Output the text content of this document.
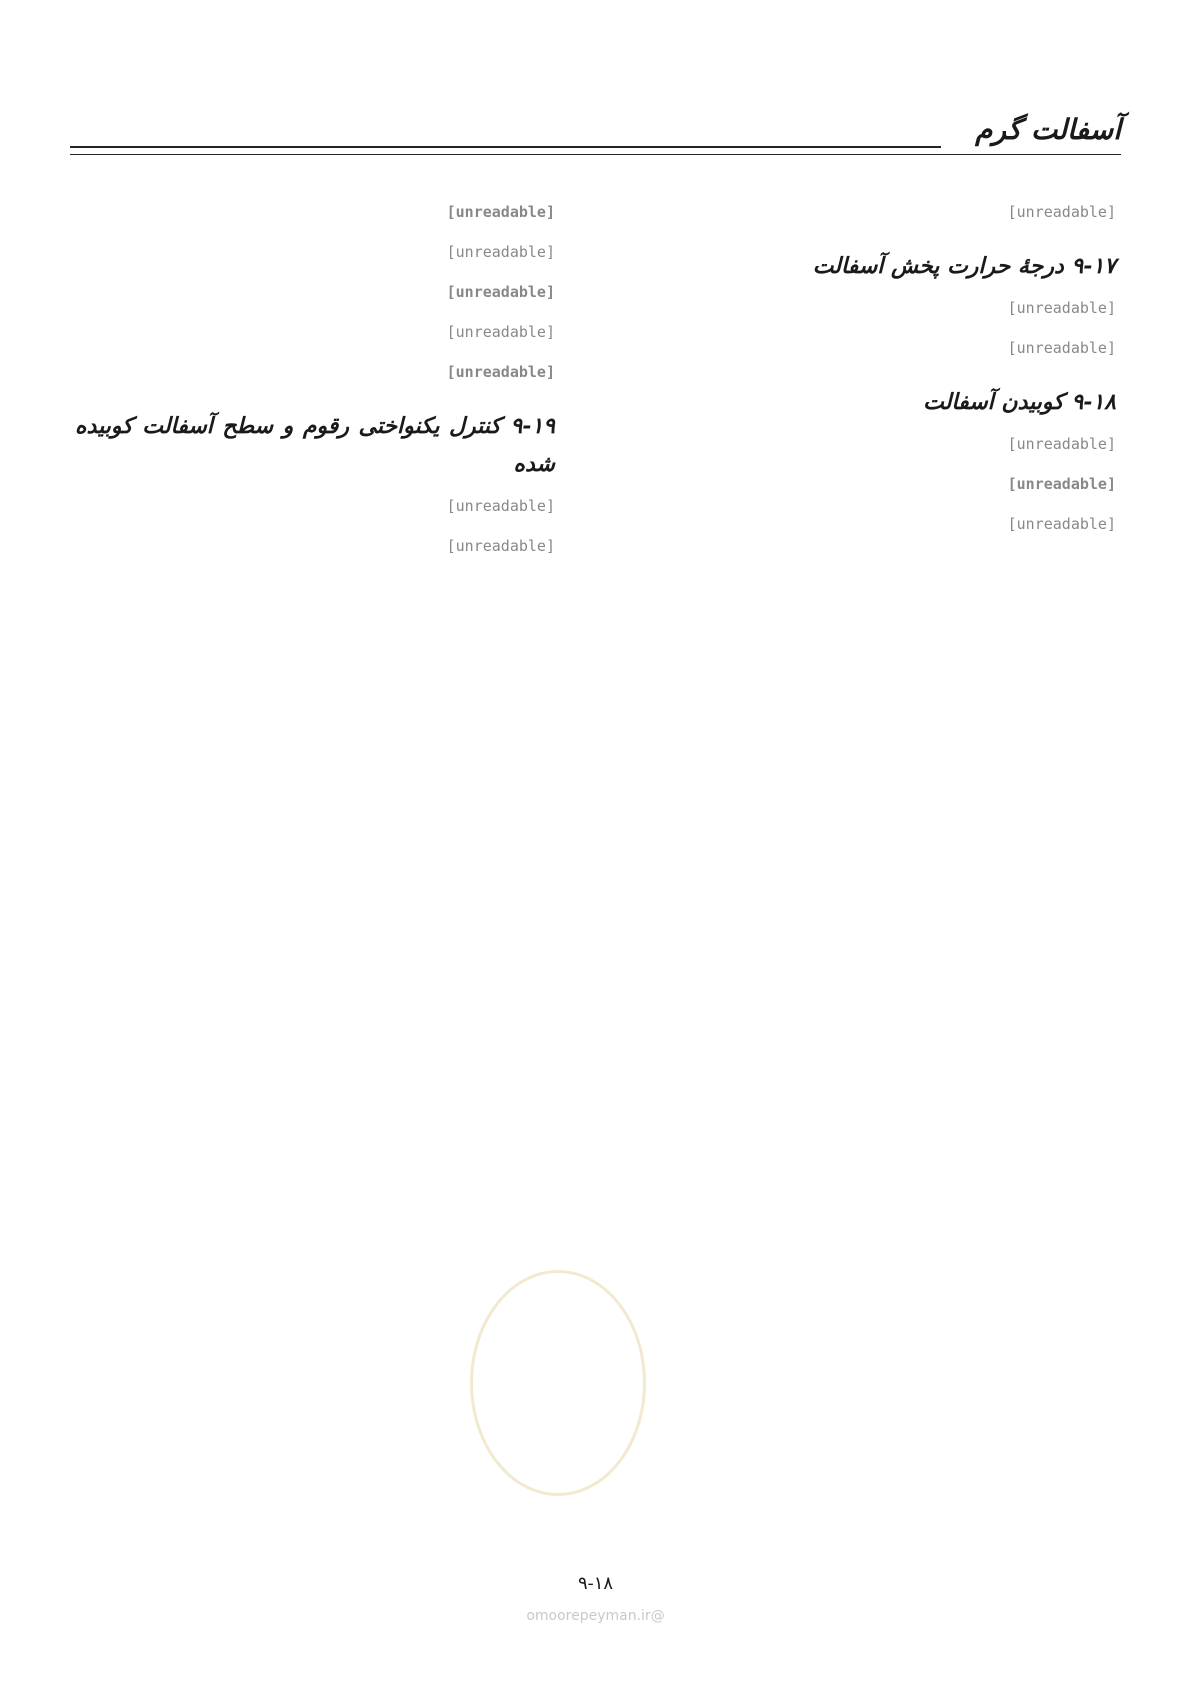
آسفالت گرم

[unreadable]

۹-۱۷ درجهٔ حرارت پخش آسفالت

[unreadable]

[unreadable]

۹-۱۸ کوبیدن آسفالت

[unreadable]

[unreadable]

[unreadable]

[unreadable]

[unreadable]

[unreadable]

[unreadable]

[unreadable]

۹-۱۹ کنترل یکنواختی رقوم و سطح آسفالت کوبیده شده

[unreadable]

[unreadable]

۹-۱۸
@omoorepeyman.ir
